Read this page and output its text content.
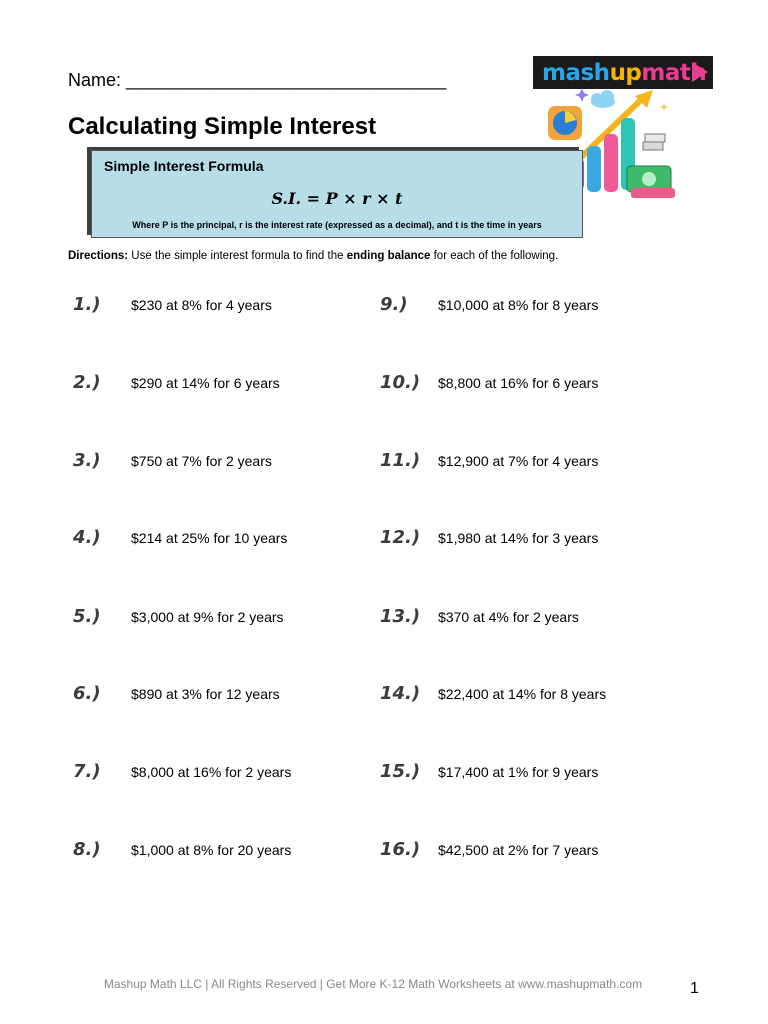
Name: ________________________________
Calculating Simple Interest
mashupmath
Simple Interest Formula
S.I. = P × r × t
Where P is the principal, r is the interest rate (expressed as a decimal), and t is the time in years
Directions: Use the simple interest formula to find the ending balance for each of the following.
1.)	$230 at 8% for 4 years
2.)	$290 at 14% for 6 years
3.)	$750 at 7% for 2 years
4.)	$214 at 25% for 10 years
5.)	$3,000 at 9% for 2 years
6.)	$890 at 3% for 12 years
7.)	$8,000 at 16% for 2 years
8.)	$1,000 at 8% for 20 years
9.)	$10,000 at 8% for 8 years
10.)	$8,800 at 16% for 6 years
11.)	$12,900 at 7% for 4 years
12.)	$1,980 at 14% for 3 years
13.)	$370 at 4% for 2 years
14.)	$22,400 at 14% for 8 years
15.)	$17,400 at 1% for 9 years
16.)	$42,500 at 2% for 7 years
Mashup Math LLC | All Rights Reserved | Get More K-12 Math Worksheets at www.mashupmath.com	1
